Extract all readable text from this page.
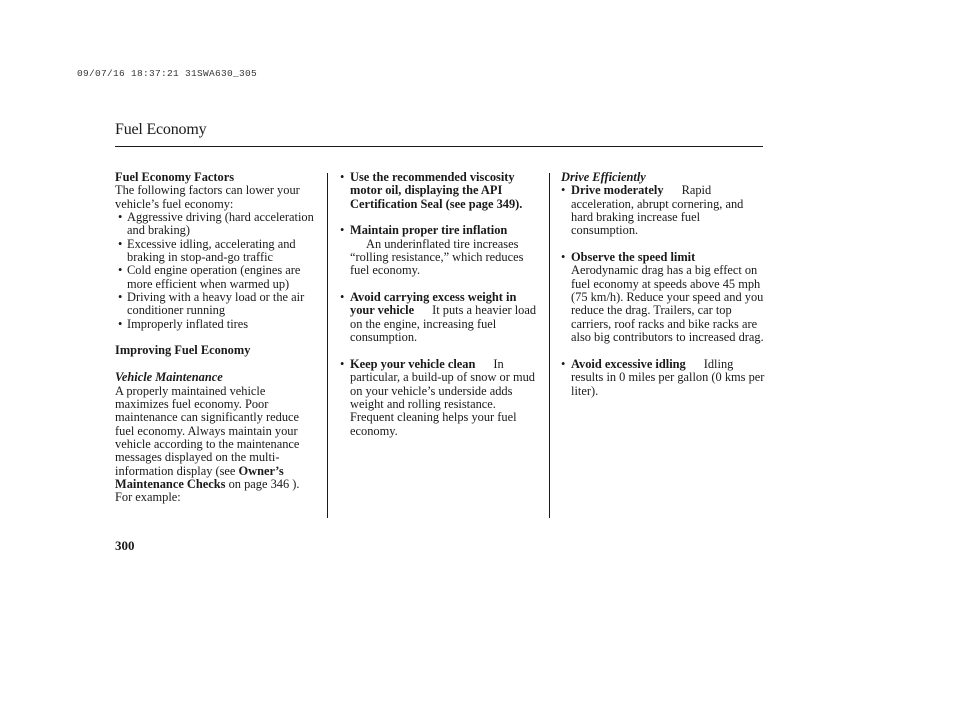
09/07/16 18:37:21 31SWA630_305
Fuel Economy

Fuel Economy Factors

The following factors can lower your vehicle’s fuel economy:

• Aggressive driving (hard acceleration and braking)
• Excessive idling, accelerating and braking in stop-and-go traffic
• Cold engine operation (engines are more efficient when warmed up)
• Driving with a heavy load or the air conditioner running
• Improperly inflated tires

Improving Fuel Economy

Vehicle Maintenance

A properly maintained vehicle maximizes fuel economy. Poor maintenance can significantly reduce fuel economy. Always maintain your vehicle according to the maintenance messages displayed on the multi-information display (see Owner’s Maintenance Checks on page 346 ).

For example:

• Use the recommended viscosity motor oil, displaying the API Certification Seal (see page 349).
• Maintain proper tire inflation
An underinflated tire increases “rolling resistance,” which reduces fuel economy.
• Avoid carrying excess weight in your vehicle It puts a heavier load on the engine, increasing fuel consumption.
• Keep your vehicle clean In particular, a build-up of snow or mud on your vehicle’s underside adds weight and rolling resistance. Frequent cleaning helps your fuel economy.

Drive Efficiently

• Drive moderately Rapid acceleration, abrupt cornering, and hard braking increase fuel consumption.
• Observe the speed limit
Aerodynamic drag has a big effect on fuel economy at speeds above 45 mph (75 km/h). Reduce your speed and you reduce the drag. Trailers, car top carriers, roof racks and bike racks are also big contributors to increased drag.
• Avoid excessive idling Idling results in 0 miles per gallon (0 kms per liter).
300
